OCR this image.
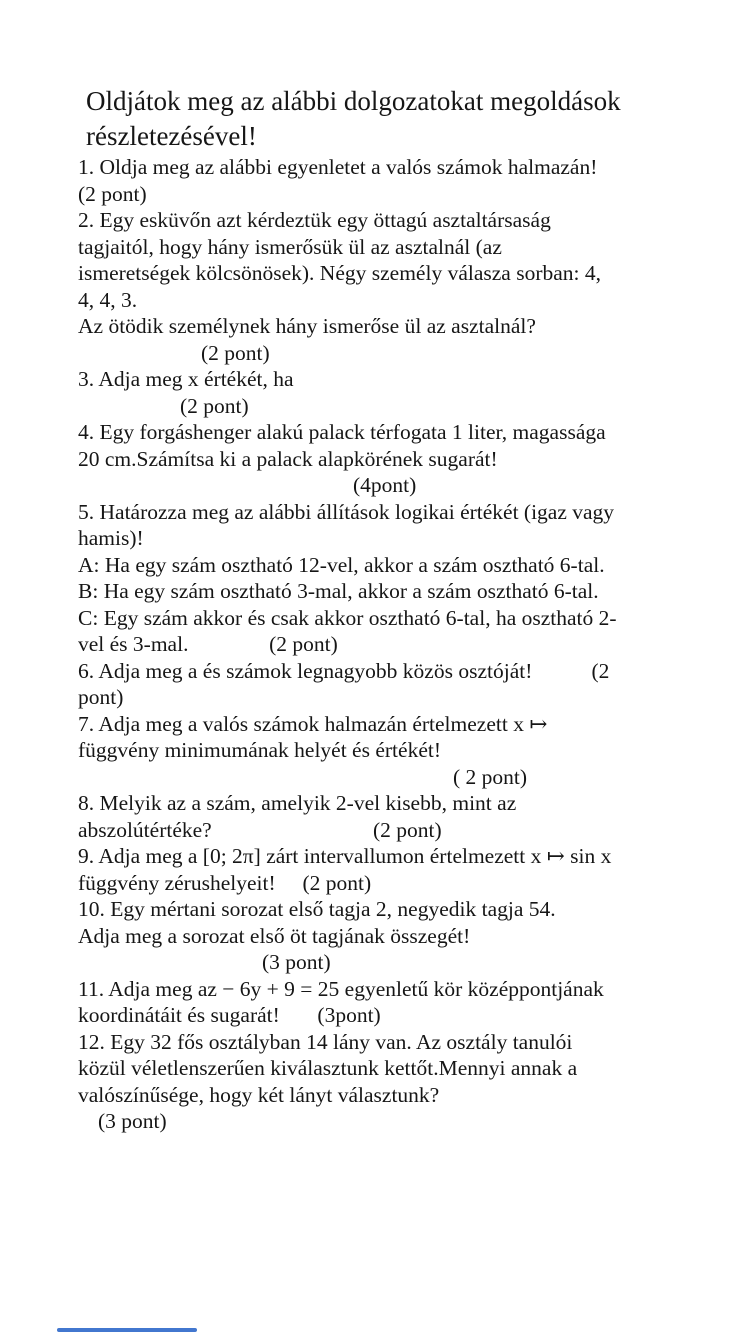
Oldjátok meg az alábbi dolgozatokat megoldások
részletezésével!
1. Oldja meg az alábbi egyenletet a valós számok halmazán!
(2 pont)
2. Egy esküvőn azt kérdeztük egy öttagú asztaltársaság
tagjaitól, hogy hány ismerősük ül az asztalnál (az
ismeretségek kölcsönösek). Négy személy válasza sorban: 4,
4, 4, 3.
Az ötödik személynek hány ismerőse ül az asztalnál?
(2 pont)
3. Adja meg x értékét, ha
(2 pont)
4. Egy forgáshenger alakú palack térfogata 1 liter, magassága
20 cm.Számítsa ki a palack alapkörének sugarát!
(4pont)
5. Határozza meg az alábbi állítások logikai értékét (igaz vagy
hamis)!
A: Ha egy szám osztható 12-vel, akkor a szám osztható 6-tal.
B: Ha egy szám osztható 3-mal, akkor a szám osztható 6-tal.
C: Egy szám akkor és csak akkor osztható 6-tal, ha osztható 2-
vel és 3-mal.               (2 pont)
6. Adja meg a és számok legnagyobb közös osztóját!           (2
pont)
7. Adja meg a valós számok halmazán értelmezett x ↦
függvény minimumának helyét és értékét!
( 2 pont)
8. Melyik az a szám, amelyik 2-vel kisebb, mint az
abszolútértéke?                              (2 pont)
9. Adja meg a [0; 2π] zárt intervallumon értelmezett x ↦ sin x
függvény zérushelyeit!     (2 pont)
10. Egy mértani sorozat első tagja 2, negyedik tagja 54.
Adja meg a sorozat első öt tagjának összegét!
(3 pont)
11. Adja meg az − 6y + 9 = 25 egyenletű kör középpontjának
koordinátáit és sugarát!       (3pont)
12. Egy 32 fős osztályban 14 lány van. Az osztály tanulói
közül véletlenszerűen kiválasztunk kettőt.Mennyi annak a
valószínűsége, hogy két lányt választunk?
(3 pont)
